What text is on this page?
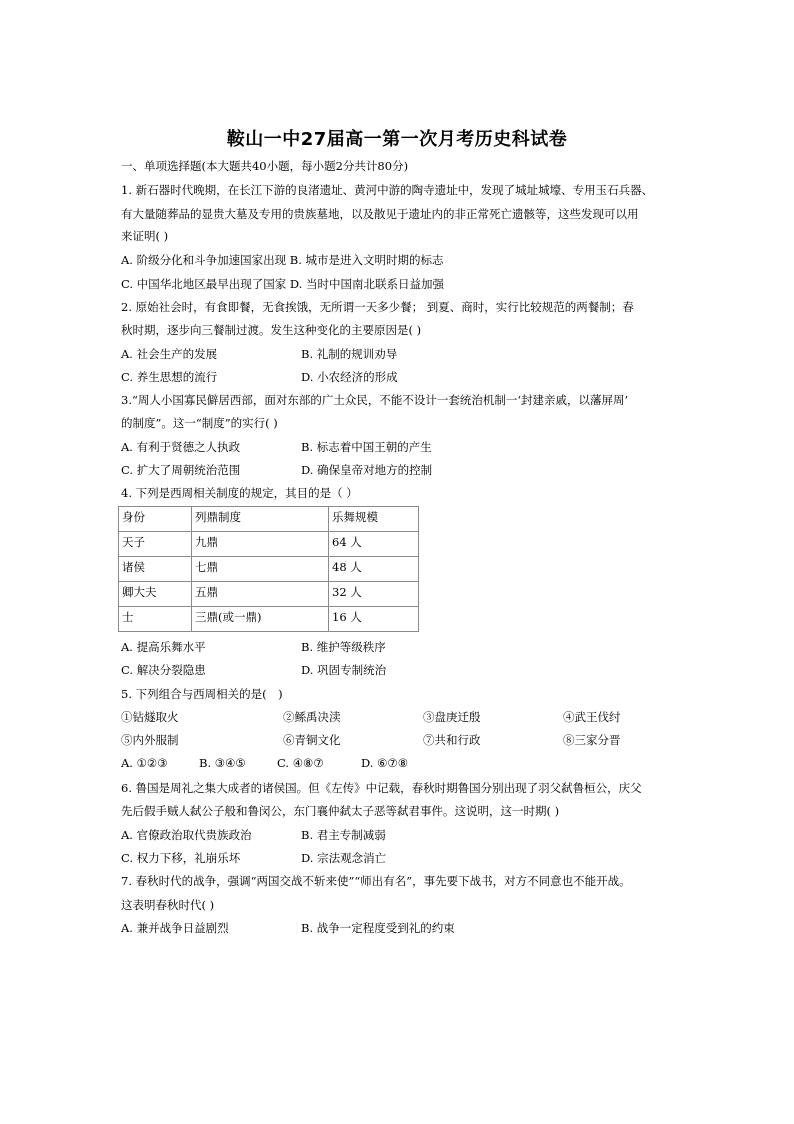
鞍山一中27届高一第一次月考历史科试卷
一、单项选择题(本大题共40小题，每小题2分共计80分)
1. 新石器时代晚期，在长江下游的良渚遗址、黄河中游的陶寺遗址中，发现了城址城壕、专用玉石兵器、
有大量随葬品的显贵大墓及专用的贵族墓地，以及散见于遗址内的非正常死亡遗骸等，这些发现可以用
来证明( )
A. 阶级分化和斗争加速国家出现 B. 城市是进入文明时期的标志
C. 中国华北地区最早出现了国家 D. 当时中国南北联系日益加强
2. 原始社会时，有食即餐，无食挨饿，无所谓一天多少餐； 到夏、商时，实行比较规范的两餐制；春
秋时期，逐步向三餐制过渡。发生这种变化的主要原因是( )
A. 社会生产的发展	B. 礼制的规训劝导
C. 养生思想的流行	D. 小农经济的形成
3.“周人小国寡民僻居西部，面对东部的广土众民，不能不设计一套统治机制一‘封建亲戚，以藩屏周’
的制度”。这一“制度”的实行( )
A. 有利于贤德之人执政	B. 标志着中国王朝的产生
C. 扩大了周朝统治范围	D. 确保皇帝对地方的控制
4. 下列是西周相关制度的规定，其目的是（ ）
身份	列鼎制度	乐舞规模
天子	九鼎	64 人
诸侯	七鼎	48 人
卿大夫	五鼎	32 人
士	三鼎(或一鼎)	16 人
A. 提高乐舞水平	B. 维护等级秩序
C. 解决分裂隐患	D. 巩固专制统治
5. 下列组合与西周相关的是(　)
①钻燧取火	②鲧禹决渎	③盘庚迁殷	④武王伐纣
⑤内外服制	⑥青铜文化	⑦共和行政	⑧三家分晋
A. ①②③	B. ③④⑤	C. ④⑧⑦	D. ⑥⑦⑧
6. 鲁国是周礼之集大成者的诸侯国。但《左传》中记载，春秋时期鲁国分别出现了羽父弑鲁桓公，庆父
先后假手贼人弑公子般和鲁闵公，东门襄仲弑太子恶等弑君事件。这说明，这一时期( )
A. 官僚政治取代贵族政治	B. 君主专制减弱
C. 权力下移，礼崩乐坏	D. 宗法观念消亡
7. 春秋时代的战争，强调“两国交战不斩来使”“师出有名”，事先要下战书，对方不同意也不能开战。
这表明春秋时代( )
A. 兼并战争日益剧烈	B. 战争一定程度受到礼的约束
